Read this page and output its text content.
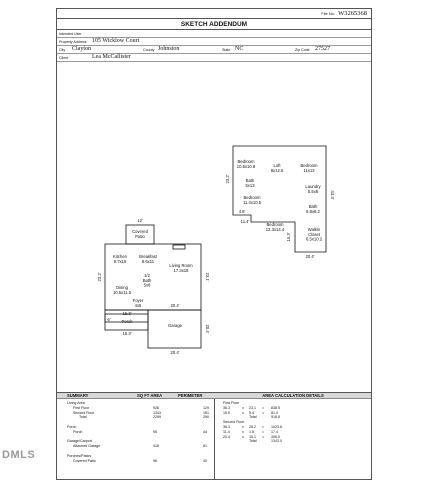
File No. W3265368
SKETCH ADDENDUM
Intended User
Property Address 105 Wicklow Court
City Clayton	County Johnston	State NC	Zip Code 27527
Client	Lea McCallister
Bedroom 10.6x10.8	Loft 8x12.5
Bedroom 11x12
Bath 5x13	Laundry 5.5x8
Bedroom 11.4x10.5
Bath 6.8x8.2
Bedroom 12.3x14.4	Walkin Closet 6.5x10.2
23.2'
43.3'
20.4'
4.8'
11.4'
15.3'
Covered Patio
Kitchen 9.7x15
Breakfast 8.6x11
Living Room 17.3x18
1/2 Bath 5x6
Dining 10.5x11.5
Foyer 4x5
Porch
Garage
12'
23.2'	23.1'
20.4'
20.4'
20.4'
15.3'
6'
15.3'
SUMMARY	SQ FT AREA	PERIMETER
Living Area
First Floor	926	129
Second Floor	1343	161
Total	2269	290
Porch
Porch	95	44
Garage/Carport
Attached Garage	416	81
Porches/Patios
Covered Patio	96	40
AREA CALCULATION DETAILS
First Floor
36.3	x 23.1 = 838.5
15.0	x 5.4 = 81.0
Total	918.5
Second Floor
36.3	x 28.2 = 1023.6
11.4	x 1.5 = 17.4
20.4	x 15.1 = 306.0
Total	1343.0
DMLS
